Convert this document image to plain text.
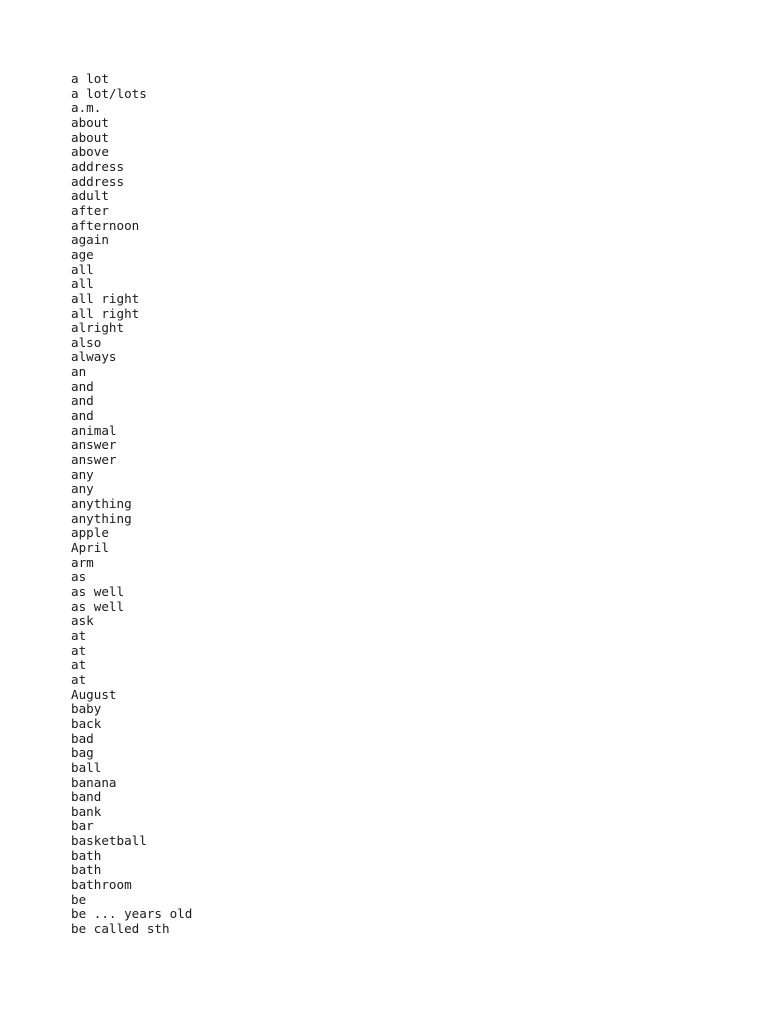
a lot
a lot/lots
a.m.
about
about
above
address
address
adult
after
afternoon
again
age
all
all
all right
all right
alright
also
always
an
and
and
and
animal
answer
answer
any
any
anything
anything
apple
April
arm
as
as well
as well
ask
at
at
at
at
August
baby
back
bad
bag
ball
banana
band
bank
bar
basketball
bath
bath
bathroom
be
be ... years old
be called sth
